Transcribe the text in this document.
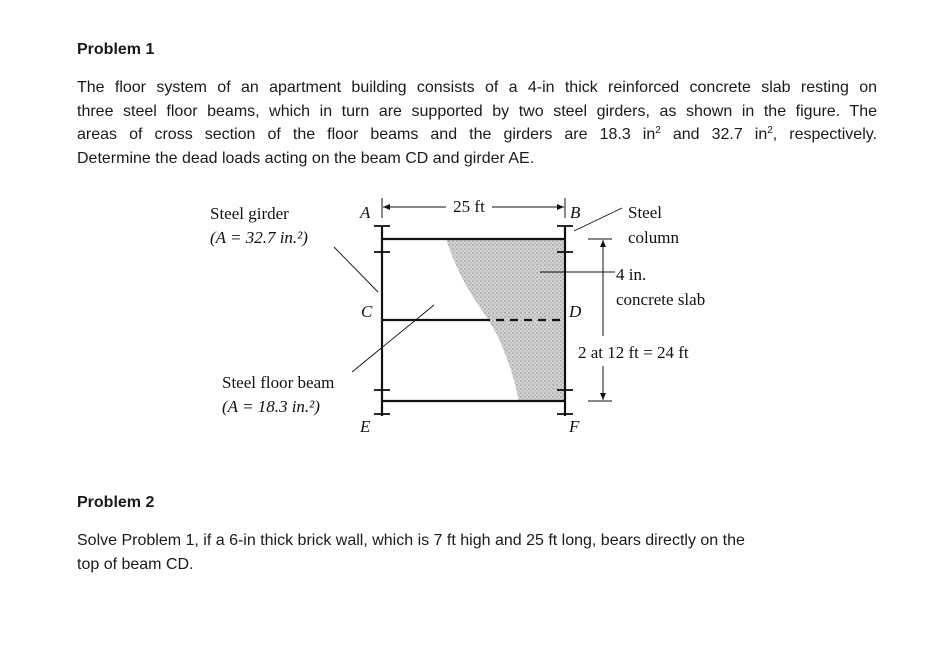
Problem 1
The floor system of an apartment building consists of a 4-in thick reinforced concrete slab resting on
three steel floor beams, which in turn are supported by two steel girders, as shown in the figure. The
areas of cross section of the floor beams and the girders are 18.3 $in^2$ and 32.7 $in^2$, respectively.
Determine the dead loads acting on the beam CD and girder AE.
25 ft
2 at 12 ft = 24 ft
Steel girder
(A = 32.7 in.²)
Steel floor beam
(A = 18.3 in.²)
Steel
column
4 in.
concrete slab
A	B
C	D
E	F
Problem 2
Solve Problem 1, if a 6-in thick brick wall, which is 7 ft high and 25 ft long, bears directly on the
top of beam CD.
